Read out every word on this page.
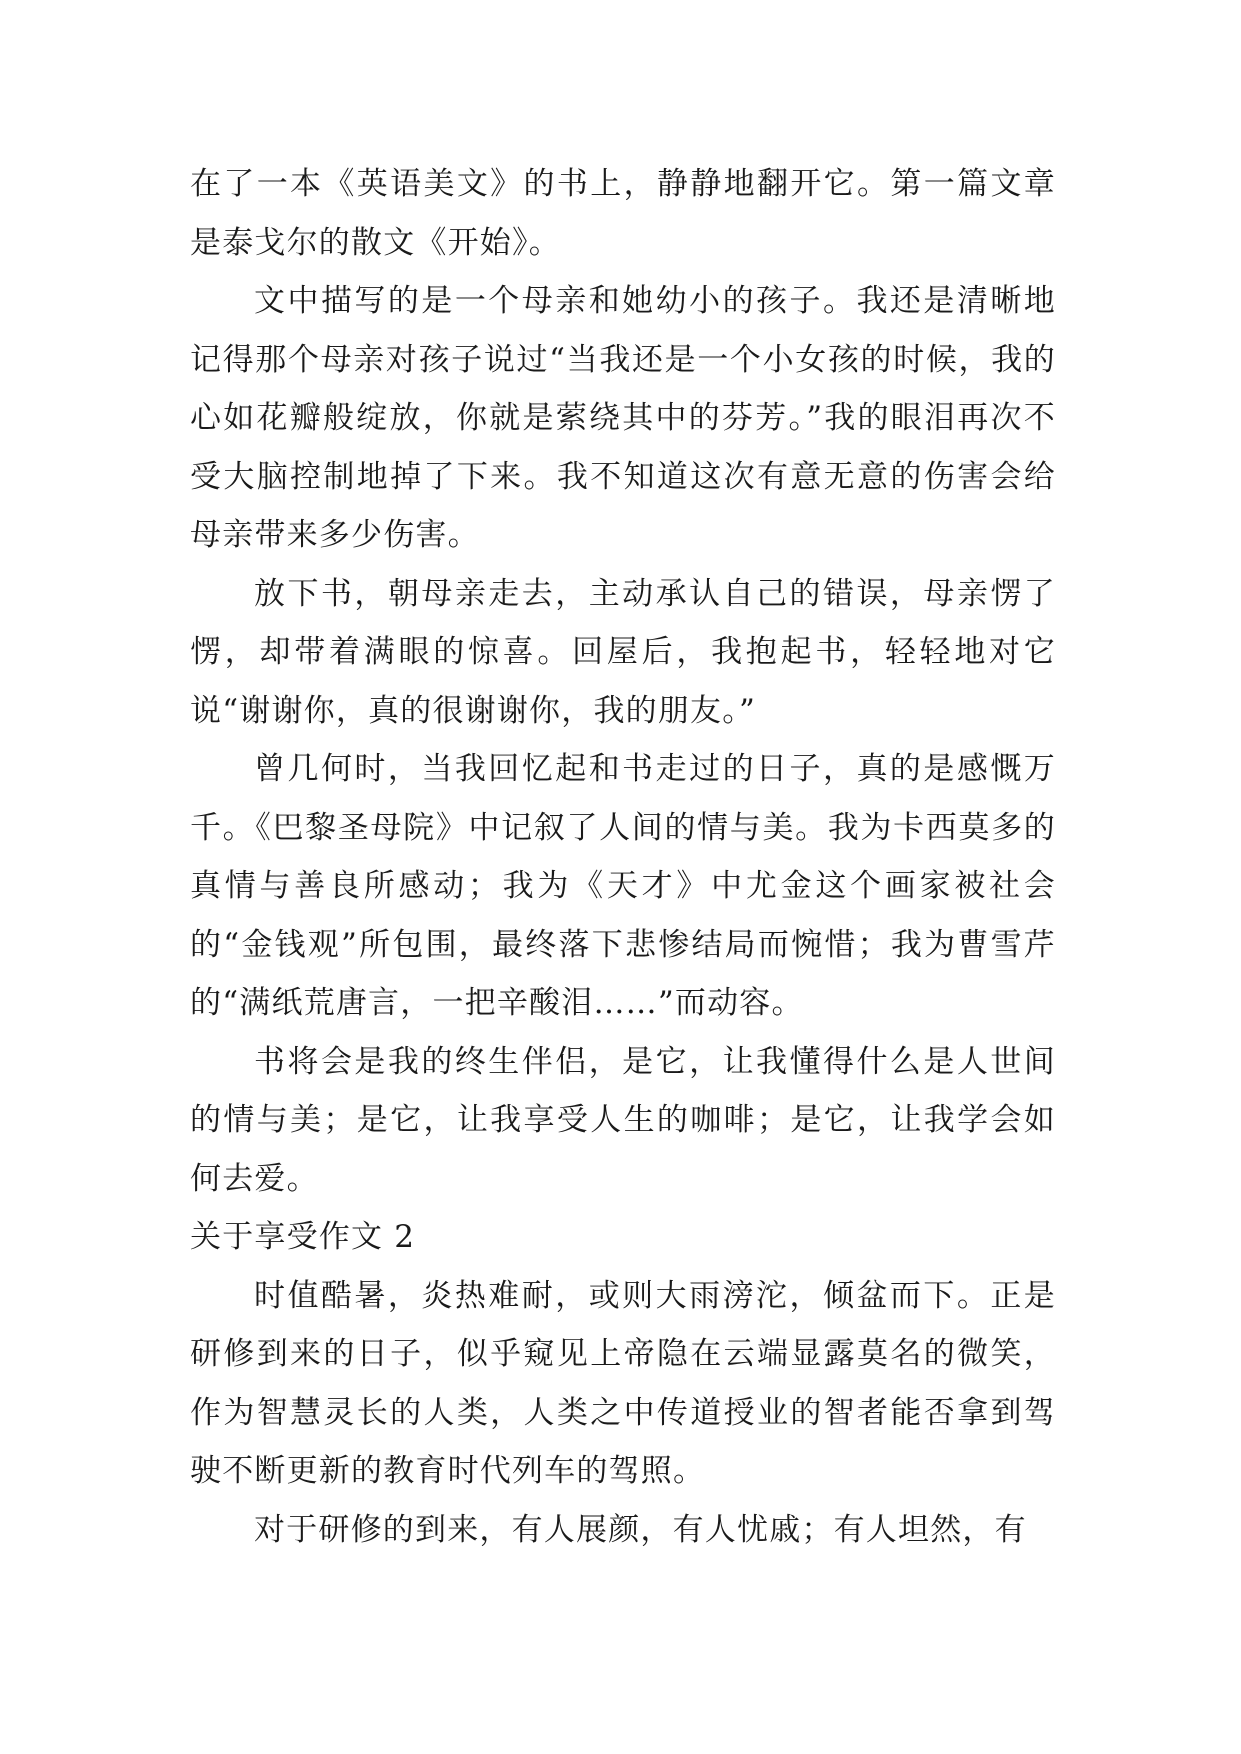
在了一本《英语美文》的书上，静静地翻开它。第一篇文章是泰戈尔的散文《开始》。

文中描写的是一个母亲和她幼小的孩子。我还是清晰地记得那个母亲对孩子说过“当我还是一个小女孩的时候，我的心如花瓣般绽放，你就是萦绕其中的芬芳。”我的眼泪再次不受大脑控制地掉了下来。我不知道这次有意无意的伤害会给母亲带来多少伤害。

放下书，朝母亲走去，主动承认自己的错误，母亲愣了愣，却带着满眼的惊喜。回屋后，我抱起书，轻轻地对它说“谢谢你，真的很谢谢你，我的朋友。”

曾几何时，当我回忆起和书走过的日子，真的是感慨万千。《巴黎圣母院》中记叙了人间的情与美。我为卡西莫多的真情与善良所感动；我为《天才》中尤金这个画家被社会的“金钱观”所包围，最终落下悲惨结局而惋惜；我为曹雪芹的“满纸荒唐言，一把辛酸泪……”而动容。

书将会是我的终生伴侣，是它，让我懂得什么是人世间的情与美；是它，让我享受人生的咖啡；是它，让我学会如何去爱。

关于享受作文 2

时值酷暑，炎热难耐，或则大雨滂沱，倾盆而下。正是研修到来的日子，似乎窥见上帝隐在云端显露莫名的微笑，作为智慧灵长的人类，人类之中传道授业的智者能否拿到驾驶不断更新的教育时代列车的驾照。

对于研修的到来，有人展颜，有人忧戚；有人坦然，有
